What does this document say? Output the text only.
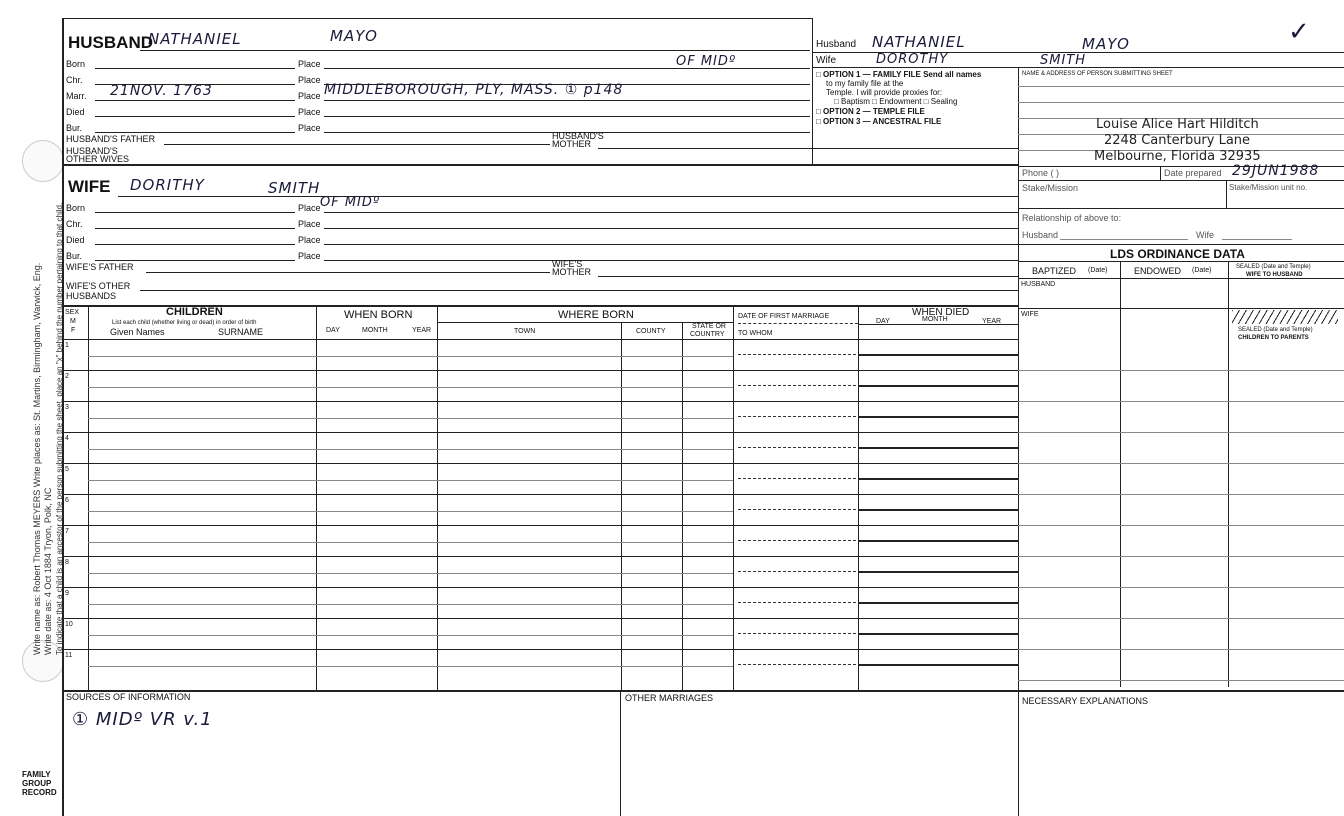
Write name as: Robert Thomas MEYERS Write places as: St. Martins, Birmingham, Warwick, Eng. Write date as: 4 Oct 1884 Tryon, Polk, NC To indicate that a child is an ancestor of the person submitting the sheet, place an "x" behind the number pertaining to that child.
FAMILY
GROUP
RECORD
HUSBAND
NATHANIEL	MAYO
Born	Place	OF MIDº
Chr.	Place
Marr. 21NOV. 1763	Place MIDDLEBOROUGH, PLY, MASS. ① p148
Died	Place
Bur.	Place
HUSBAND'S FATHER	HUSBAND'S
MOTHER
HUSBAND'S
OTHER WIVES
Husband NATHANIEL	MAYO	✓
Wife	DOROTHY	SMITH
□ OPTION 1 — FAMILY FILE Send all names
to my family file at the
Temple. I will provide proxies for:
□ Baptism □ Endowment □ Sealing
□ OPTION 2 — TEMPLE FILE
□ OPTION 3 — ANCESTRAL FILE
NAME & ADDRESS OF PERSON SUBMITTING SHEET
Louise Alice Hart Hilditch
2248 Canterbury Lane
Melbourne, Florida 32935
Phone ( )	Date prepared 29JUN1988
Stake/Mission	Stake/Mission unit no.
Relationship of above to:
Husband	Wife
LDS ORDINANCE DATA
BAPTIZED (Date)	ENDOWED (Date)	SEALED (Date and Temple)
WIFE TO HUSBAND
HUSBAND
WIFE
SEALED (Date and Temple)
CHILDREN TO PARENTS
WIFE DORITHY	SMITH
Born	Place OF MIDº
Chr.	Place
Died	Place
Bur.	Place
WIFE'S FATHER	WIFE'S
MOTHER
WIFE'S OTHER
HUSBANDS
SEX
M
F
CHILDREN
List each child (whether living or dead) in order of birth
Given Names	SURNAME
WHEN BORN
DAY	MONTH	YEAR
WHERE BORN
TOWN	COUNTY
STATE OR
COUNTRY
DATE OF FIRST MARRIAGE
TO WHOM
WHEN DIED
DAY	MONTH	YEAR
1
2
3
4
5
6
7
8
9
10
11
SOURCES OF INFORMATION
① MIDº VR v.1
OTHER MARRIAGES	NECESSARY EXPLANATIONS
